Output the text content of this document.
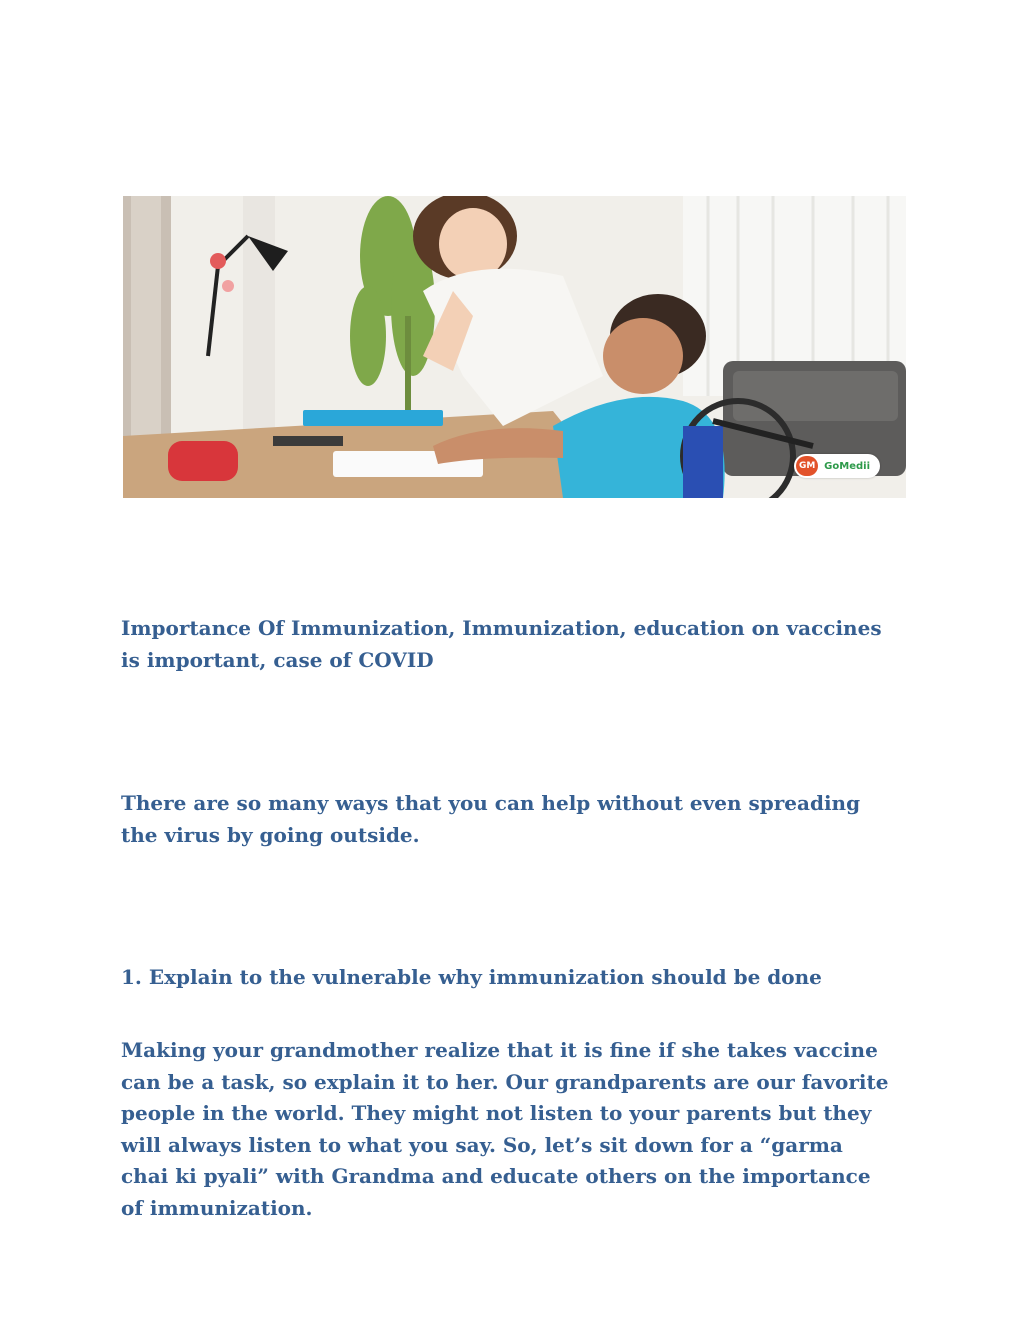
GM GoMedii

Importance Of Immunization, Immunization, education on vaccines is important, case of COVID

There are so many ways that you can help without even spreading the virus by going outside.

1. Explain to the vulnerable why immunization should be done

Making your grandmother realize that it is fine if she takes vaccine can be a task, so explain it to her. Our grandparents are our favorite people in the world. They might not listen to your parents but they will always listen to what you say. So, let’s sit down for a “garma chai ki pyali” with Grandma and educate others on the importance of immunization.
